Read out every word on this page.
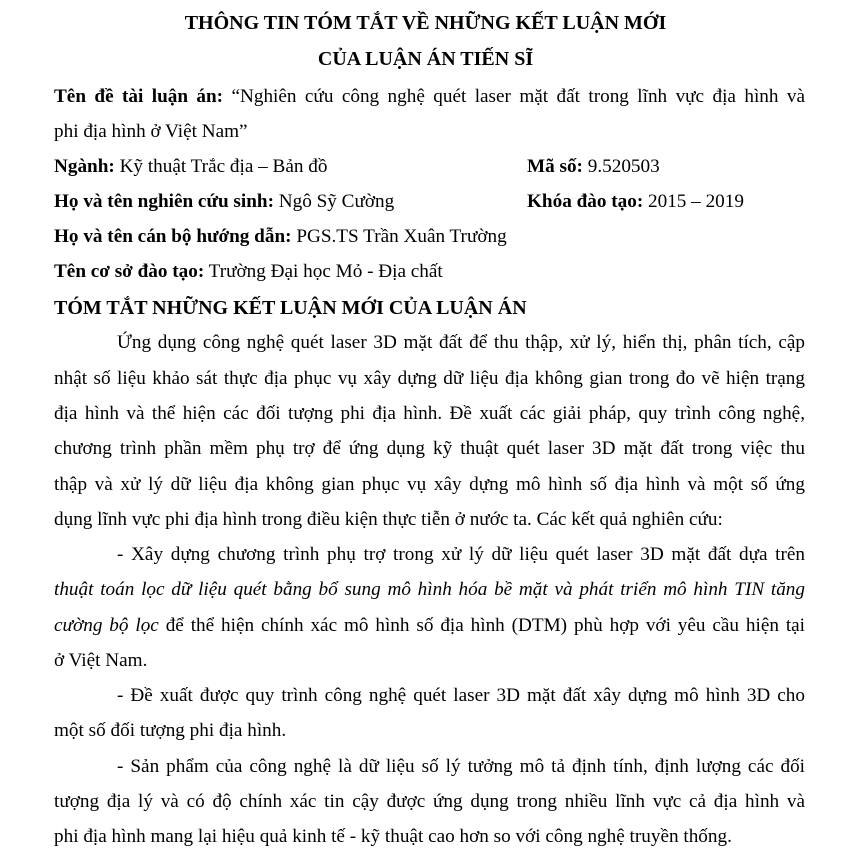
THÔNG TIN TÓM TẮT VỀ NHỮNG KẾT LUẬN MỚI
CỦA LUẬN ÁN TIẾN SĨ
Tên đề tài luận án: “Nghiên cứu công nghệ quét laser mặt đất trong lĩnh vực địa hình và
phi địa hình ở Việt Nam”
Ngành: Kỹ thuật Trắc địa – Bản đồ	Mã số: 9.520503
Họ và tên nghiên cứu sinh: Ngô Sỹ Cường	Khóa đào tạo: 2015 – 2019
Họ và tên cán bộ hướng dẫn: PGS.TS Trần Xuân Trường
Tên cơ sở đào tạo: Trường Đại học Mỏ - Địa chất
TÓM TẮT NHỮNG KẾT LUẬN MỚI CỦA LUẬN ÁN
Ứng dụng công nghệ quét laser 3D mặt đất để thu thập, xử lý, hiển thị, phân tích, cập
nhật số liệu khảo sát thực địa phục vụ xây dựng dữ liệu địa không gian trong đo vẽ hiện trạng
địa hình và thể hiện các đối tượng phi địa hình. Đề xuất các giải pháp, quy trình công nghệ,
chương trình phần mềm phụ trợ để ứng dụng kỹ thuật quét laser 3D mặt đất trong việc thu
thập và xử lý dữ liệu địa không gian phục vụ xây dựng mô hình số địa hình và một số ứng
dụng lĩnh vực phi địa hình trong điều kiện thực tiễn ở nước ta. Các kết quả nghiên cứu:
- Xây dựng chương trình phụ trợ trong xử lý dữ liệu quét laser 3D mặt đất dựa trên
thuật toán lọc dữ liệu quét bằng bổ sung mô hình hóa bề mặt và phát triển mô hình TIN tăng
cường bộ lọc để thể hiện chính xác mô hình số địa hình (DTM) phù hợp với yêu cầu hiện tại
ở Việt Nam.
- Đề xuất được quy trình công nghệ quét laser 3D mặt đất xây dựng mô hình 3D cho
một số đối tượng phi địa hình.
- Sản phẩm của công nghệ là dữ liệu số lý tưởng mô tả định tính, định lượng các đối
tượng địa lý và có độ chính xác tin cậy được ứng dụng trong nhiều lĩnh vực cả địa hình và
phi địa hình mang lại hiệu quả kinh tế - kỹ thuật cao hơn so với công nghệ truyền thống.
